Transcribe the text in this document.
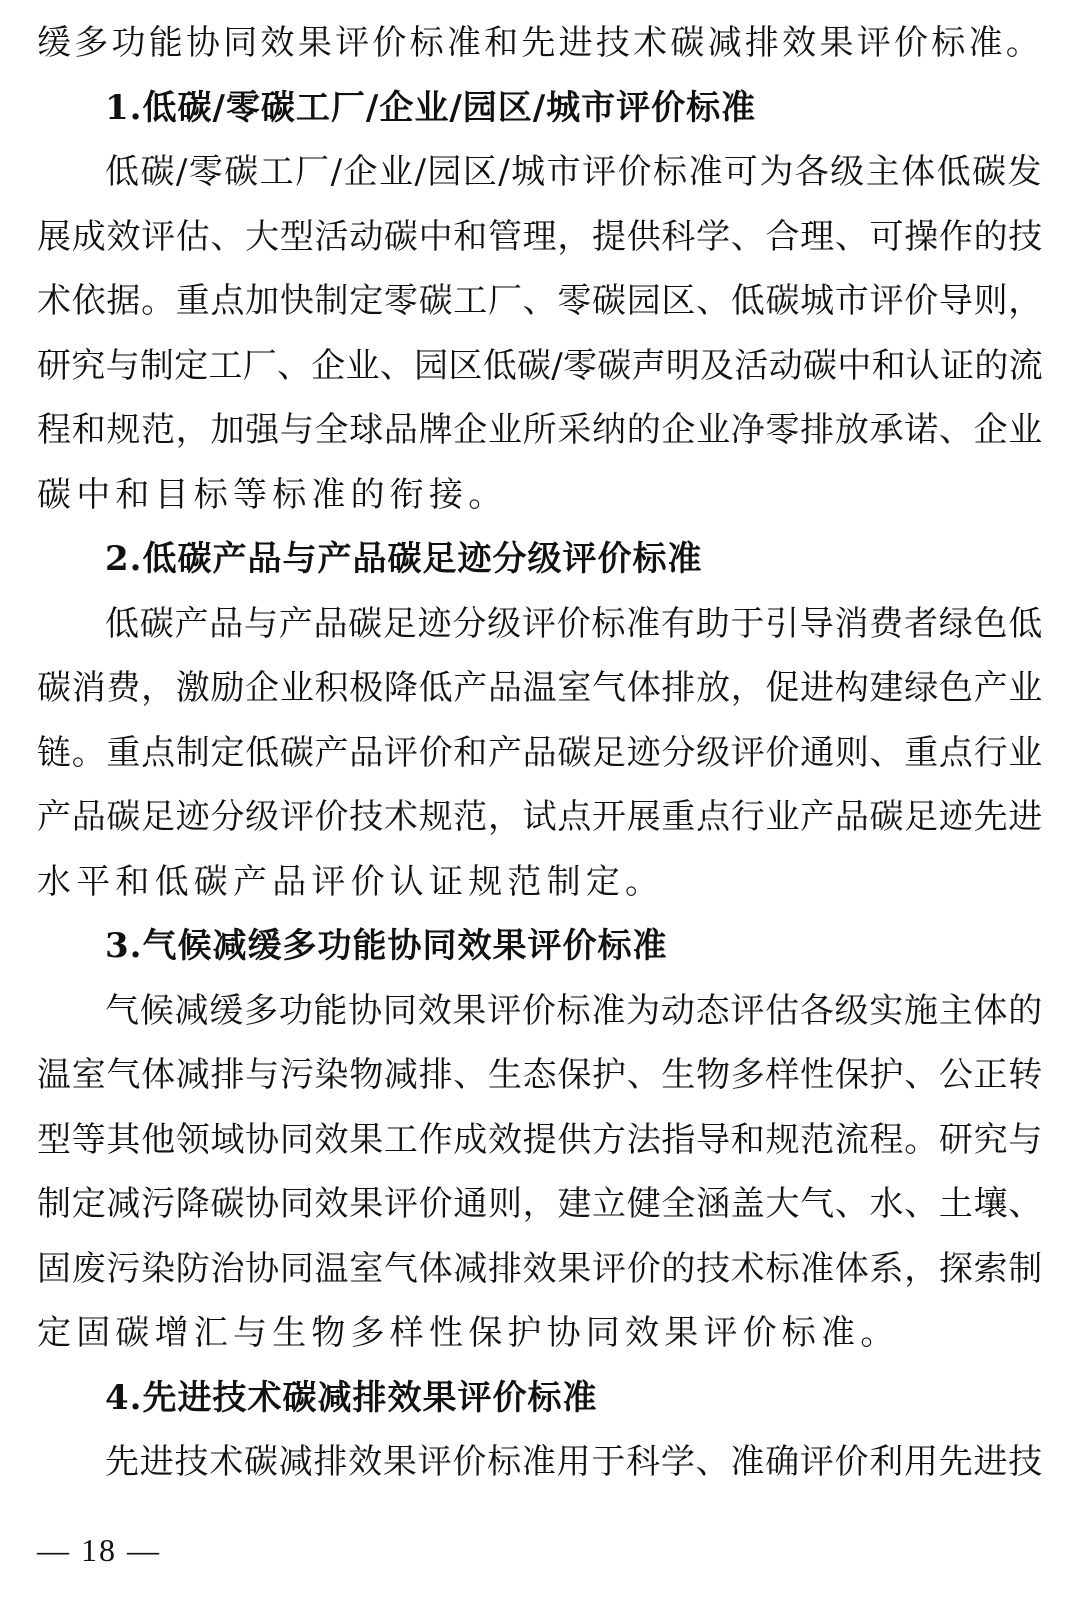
缓多功能协同效果评价标准和先进技术碳减排效果评价标准。
1.低碳/零碳工厂/企业/园区/城市评价标准
低碳/零碳工厂/企业/园区/城市评价标准可为各级主体低碳发
展成效评估、大型活动碳中和管理，提供科学、合理、可操作的技
术依据。重点加快制定零碳工厂、零碳园区、低碳城市评价导则，
研究与制定工厂、企业、园区低碳/零碳声明及活动碳中和认证的流
程和规范，加强与全球品牌企业所采纳的企业净零排放承诺、企业
碳中和目标等标准的衔接。
2.低碳产品与产品碳足迹分级评价标准
低碳产品与产品碳足迹分级评价标准有助于引导消费者绿色低
碳消费，激励企业积极降低产品温室气体排放，促进构建绿色产业
链。重点制定低碳产品评价和产品碳足迹分级评价通则、重点行业
产品碳足迹分级评价技术规范，试点开展重点行业产品碳足迹先进
水平和低碳产品评价认证规范制定。
3.气候减缓多功能协同效果评价标准
气候减缓多功能协同效果评价标准为动态评估各级实施主体的
温室气体减排与污染物减排、生态保护、生物多样性保护、公正转
型等其他领域协同效果工作成效提供方法指导和规范流程。研究与
制定减污降碳协同效果评价通则，建立健全涵盖大气、水、土壤、
固废污染防治协同温室气体减排效果评价的技术标准体系，探索制
定固碳增汇与生物多样性保护协同效果评价标准。
4.先进技术碳减排效果评价标准
先进技术碳减排效果评价标准用于科学、准确评价利用先进技
— 18 —
